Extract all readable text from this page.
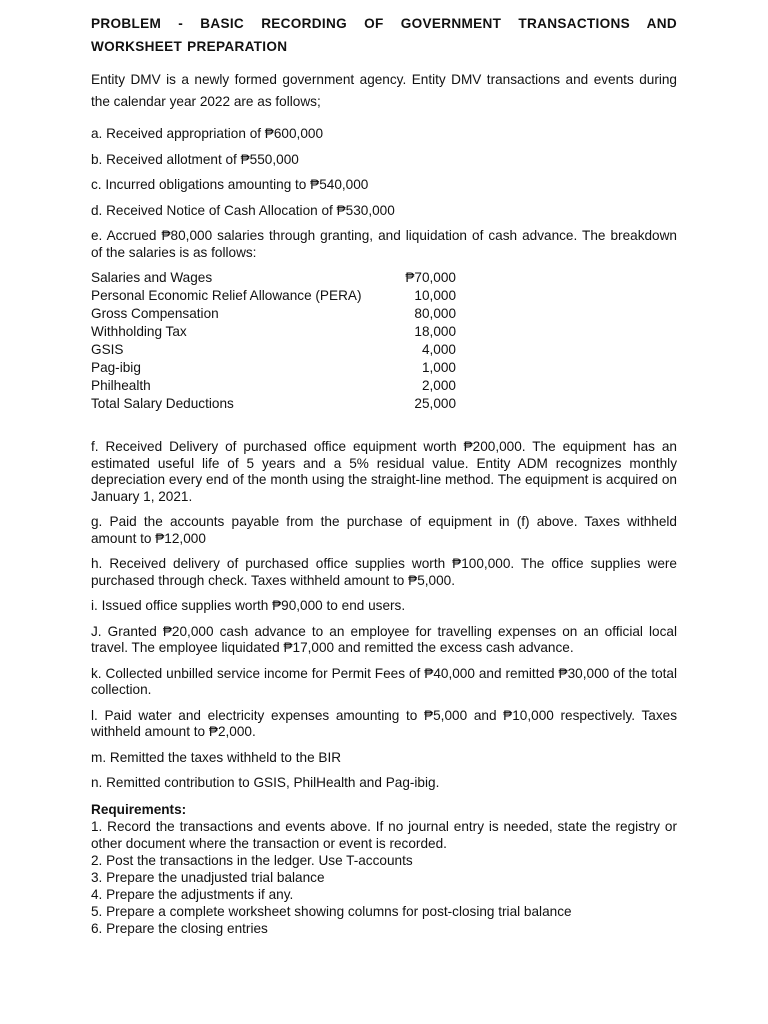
PROBLEM - BASIC RECORDING OF GOVERNMENT TRANSACTIONS AND
WORKSHEET PREPARATION

Entity DMV is a newly formed government agency. Entity DMV transactions and events during the calendar year 2022 are as follows;

a. Received appropriation of ₱600,000

b. Received allotment of ₱550,000

c. Incurred obligations amounting to ₱540,000

d. Received Notice of Cash Allocation of ₱530,000

e. Accrued ₱80,000 salaries through granting, and liquidation of cash advance. The breakdown of the salaries is as follows:

Salaries and Wages	₱70,000
Personal Economic Relief Allowance (PERA)	10,000
Gross Compensation	80,000
Withholding Tax	18,000
GSIS	4,000
Pag-ibig	1,000
Philhealth	2,000
Total Salary Deductions	25,000

f. Received Delivery of purchased office equipment worth ₱200,000. The equipment has an estimated useful life of 5 years and a 5% residual value. Entity ADM recognizes monthly depreciation every end of the month using the straight-line method. The equipment is acquired on January 1, 2021.

g. Paid the accounts payable from the purchase of equipment in (f) above. Taxes withheld amount to ₱12,000

h. Received delivery of purchased office supplies worth ₱100,000. The office supplies were purchased through check. Taxes withheld amount to ₱5,000.

i. Issued office supplies worth ₱90,000 to end users.

J. Granted ₱20,000 cash advance to an employee for travelling expenses on an official local travel. The employee liquidated ₱17,000 and remitted the excess cash advance.

k. Collected unbilled service income for Permit Fees of ₱40,000 and remitted ₱30,000 of the total collection.

l. Paid water and electricity expenses amounting to ₱5,000 and ₱10,000 respectively. Taxes withheld amount to ₱2,000.

m. Remitted the taxes withheld to the BIR

n. Remitted contribution to GSIS, PhilHealth and Pag-ibig.

Requirements:

1. Record the transactions and events above. If no journal entry is needed, state the registry or other document where the transaction or event is recorded.

2. Post the transactions in the ledger. Use T-accounts

3. Prepare the unadjusted trial balance

4. Prepare the adjustments if any.

5. Prepare a complete worksheet showing columns for post-closing trial balance

6. Prepare the closing entries
